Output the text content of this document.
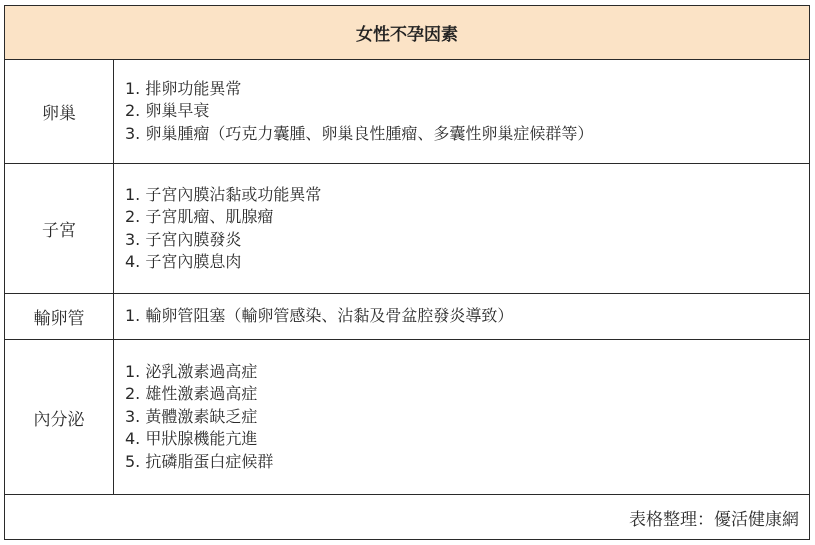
女性不孕因素
卵巢
1. 排卵功能異常
2. 卵巢早衰
3. 卵巢腫瘤（巧克力囊腫、卵巢良性腫瘤、多囊性卵巢症候群等）
子宮
1. 子宮內膜沾黏或功能異常
2. 子宮肌瘤、肌腺瘤
3. 子宮內膜發炎
4. 子宮內膜息肉
輸卵管	1. 輸卵管阻塞（輸卵管感染、沾黏及骨盆腔發炎導致）
內分泌
1. 泌乳激素過高症
2. 雄性激素過高症
3. 黃體激素缺乏症
4. 甲狀腺機能亢進
5. 抗磷脂蛋白症候群
表格整理：優活健康網
